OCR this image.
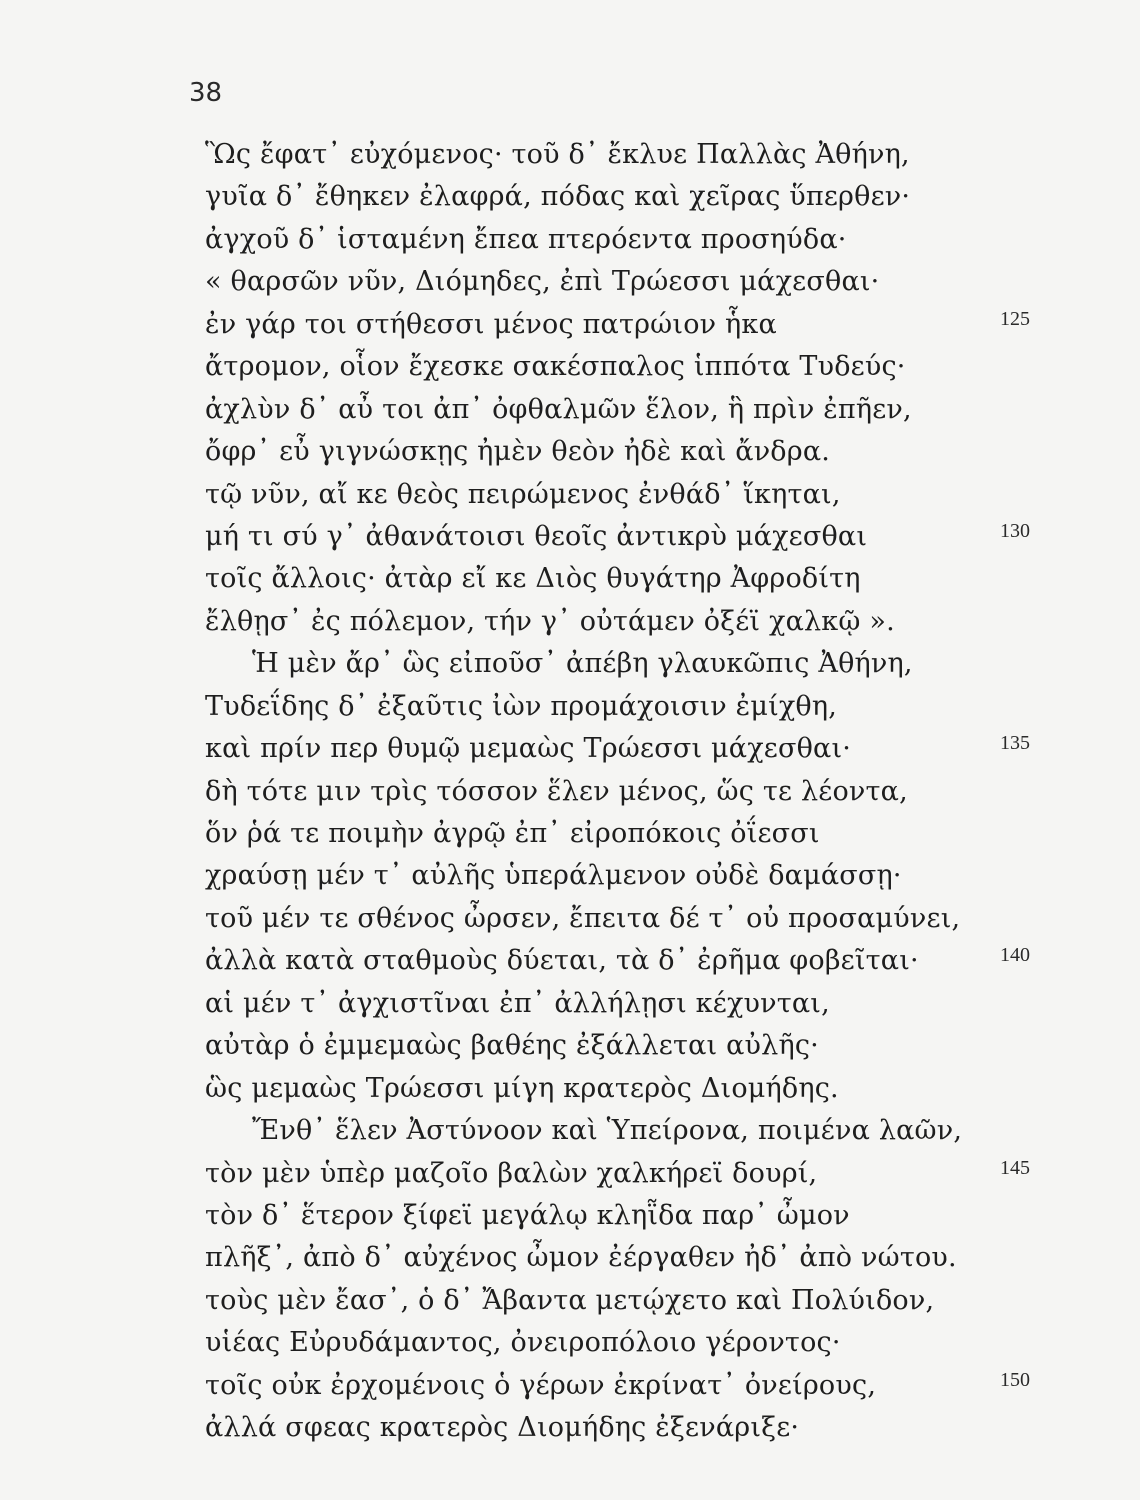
38
Ὣς ἔφατ᾽ εὐχόμενος· τοῦ δ᾽ ἔκλυε Παλλὰς Ἀθήνη,
γυῖα δ᾽ ἔθηκεν ἐλαφρά, πόδας καὶ χεῖρας ὕπερθεν·
ἀγχοῦ δ᾽ ἱσταμένη ἔπεα πτερόεντα προσηύδα·
« θαρσῶν νῦν, Διόμηδες, ἐπὶ Τρώεσσι μάχεσθαι·
ἐν γάρ τοι στήθεσσι μένος πατρώιον ἧκα	125
ἄτρομον, οἷον ἔχεσκε σακέσπαλος ἱππότα Τυδεύς·
ἀχλὺν δ᾽ αὖ τοι ἀπ᾽ ὀφθαλμῶν ἕλον, ἣ πρὶν ἐπῆεν,
ὄφρ᾽ εὖ γιγνώσκῃς ἠμὲν θεὸν ἠδὲ καὶ ἄνδρα.
τῷ νῦν, αἴ κε θεὸς πειρώμενος ἐνθάδ᾽ ἵκηται,
μή τι σύ γ᾽ ἀθανάτοισι θεοῖς ἀντικρὺ μάχεσθαι	130
τοῖς ἄλλοις· ἀτὰρ εἴ κε Διὸς θυγάτηρ Ἀφροδίτη
ἔλθῃσ᾽ ἐς πόλεμον, τήν γ᾽ οὐτάμεν ὀξέϊ χαλκῷ ».
Ἡ μὲν ἄρ᾽ ὣς εἰποῦσ᾽ ἀπέβη γλαυκῶπις Ἀθήνη,
Τυδεΐδης δ᾽ ἐξαῦτις ἰὼν προμάχοισιν ἐμίχθη,
καὶ πρίν περ θυμῷ μεμαὼς Τρώεσσι μάχεσθαι·	135
δὴ τότε μιν τρὶς τόσσον ἕλεν μένος, ὥς τε λέοντα,
ὅν ῥά τε ποιμὴν ἀγρῷ ἐπ᾽ εἰροπόκοις ὀΐεσσι
χραύσῃ μέν τ᾽ αὐλῆς ὑπεράλμενον οὐδὲ δαμάσσῃ·
τοῦ μέν τε σθένος ὦρσεν, ἔπειτα δέ τ᾽ οὐ προσαμύνει,
ἀλλὰ κατὰ σταθμοὺς δύεται, τὰ δ᾽ ἐρῆμα φοβεῖται·	140
αἱ μέν τ᾽ ἀγχιστῖναι ἐπ᾽ ἀλλήλῃσι κέχυνται,
αὐτὰρ ὁ ἐμμεμαὼς βαθέης ἐξάλλεται αὐλῆς·
ὣς μεμαὼς Τρώεσσι μίγη κρατερὸς Διομήδης.
Ἔνθ᾽ ἕλεν Ἀστύνοον καὶ Ὑπείρονα, ποιμένα λαῶν,
τὸν μὲν ὑπὲρ μαζοῖο βαλὼν χαλκήρεϊ δουρί,	145
τὸν δ᾽ ἕτερον ξίφεϊ μεγάλῳ κληῗδα παρ᾽ ὦμον
πλῆξ᾽, ἀπὸ δ᾽ αὐχένος ὦμον ἐέργαθεν ἠδ᾽ ἀπὸ νώτου.
τοὺς μὲν ἔασ᾽, ὁ δ᾽ Ἄβαντα μετῴχετο καὶ Πολύιδον,
υἱέας Εὐρυδάμαντος, ὀνειροπόλοιο γέροντος·
τοῖς οὐκ ἐρχομένοις ὁ γέρων ἐκρίνατ᾽ ὀνείρους,	150
ἀλλά σφεας κρατερὸς Διομήδης ἐξενάριξε·
